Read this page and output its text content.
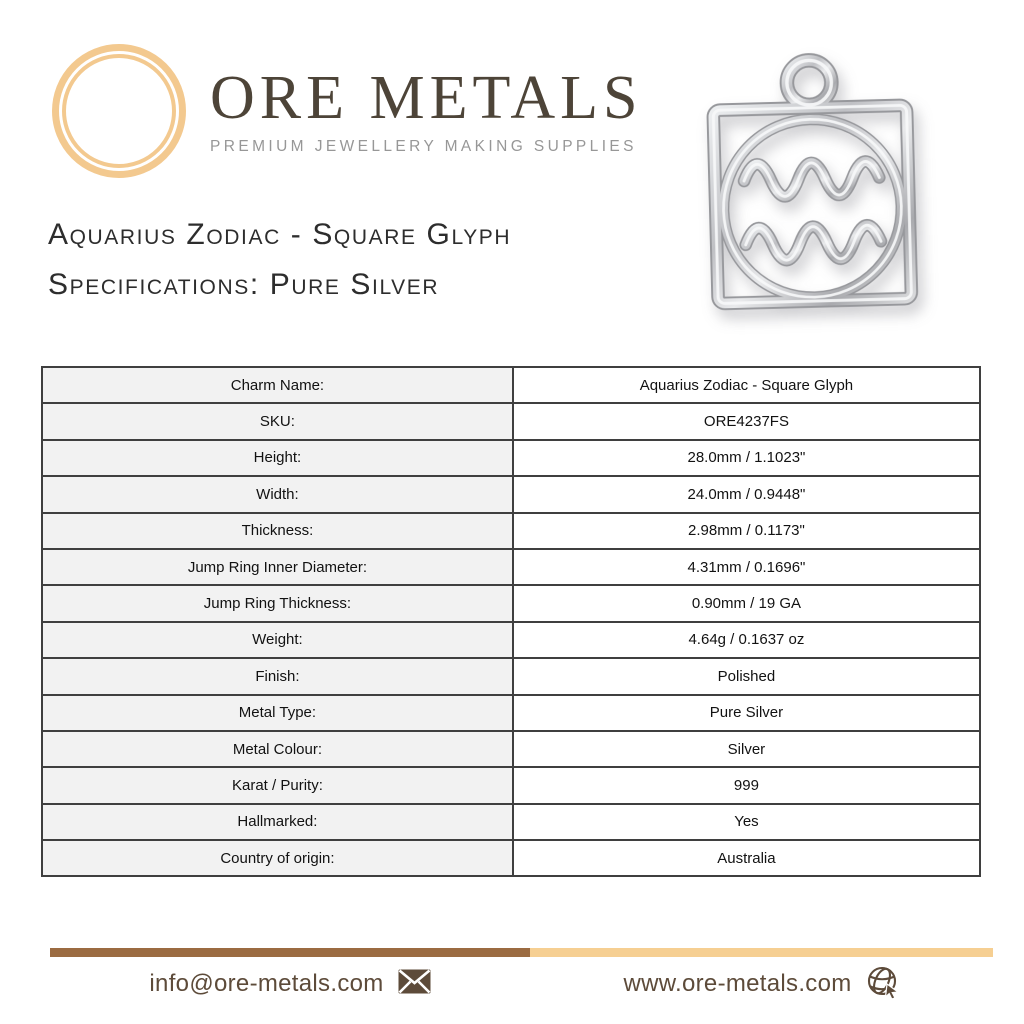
ORE METALS
PREMIUM JEWELLERY MAKING SUPPLIES
Aquarius Zodiac - Square Glyph
Specifications: Pure Silver
Charm Name:	Aquarius Zodiac - Square Glyph
SKU:	ORE4237FS
Height:	28.0mm / 1.1023"
Width:	24.0mm / 0.9448"
Thickness:	2.98mm / 0.1173"
Jump Ring Inner Diameter:	4.31mm / 0.1696"
Jump Ring Thickness:	0.90mm / 19 GA
Weight:	4.64g / 0.1637 oz
Finish:	Polished
Metal Type:	Pure Silver
Metal Colour:	Silver
Karat / Purity:	999
Hallmarked:	Yes
Country of origin:	Australia
info@ore-metals.com	www.ore-metals.com
